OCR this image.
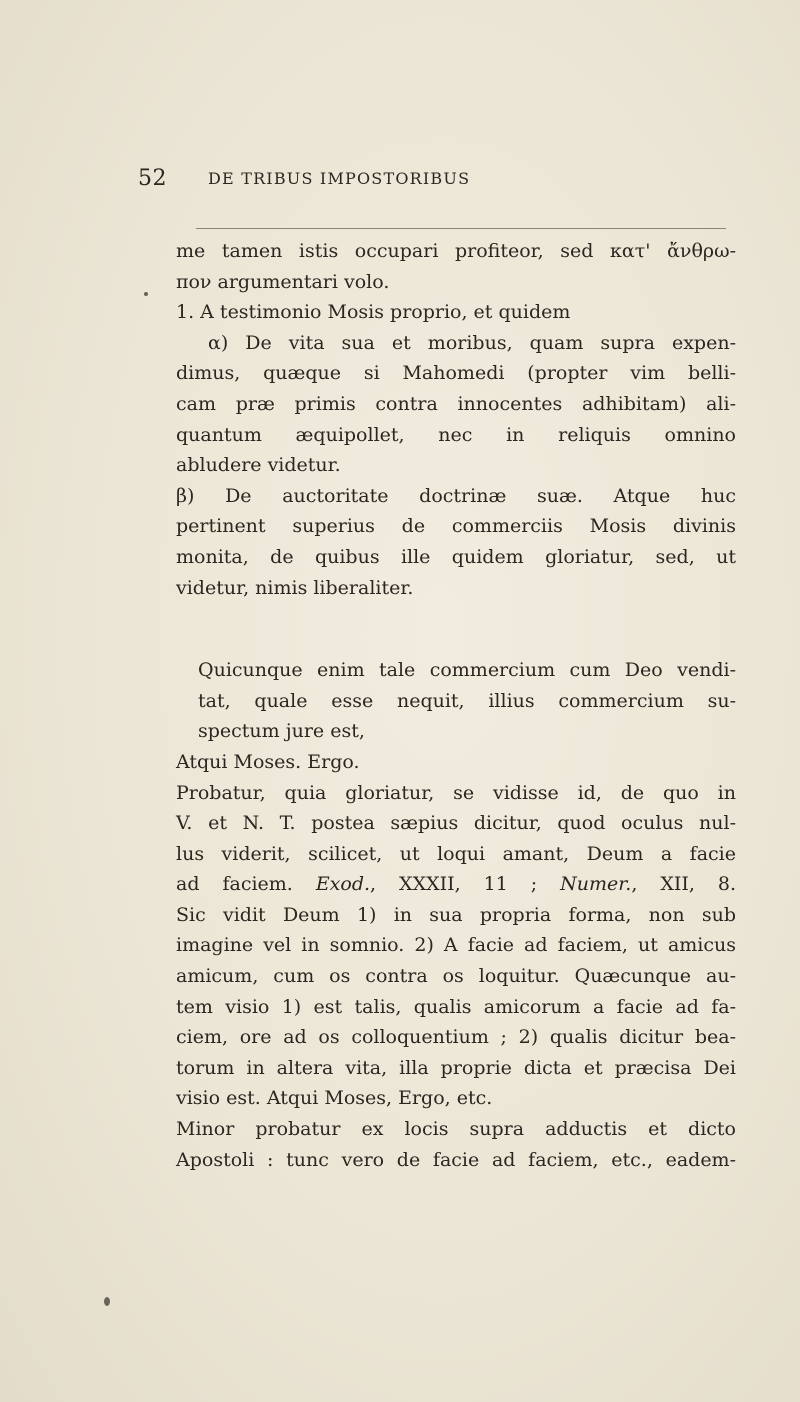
52	DE TRIBUS IMPOSTORIBUS
me tamen istis occupari profiteor, sed κατ' ἄνθρω-
πον argumentari volo.
1. A testimonio Mosis proprio, et quidem
α) De vita sua et moribus, quam supra expen-
dimus, quæque si Mahomedi (propter vim belli-
cam præ primis contra innocentes adhibitam) ali-
quantum æquipollet, nec in reliquis omnino
abludere videtur.
β) De auctoritate doctrinæ suæ. Atque huc
pertinent superius de commerciis Mosis divinis
monita, de quibus ille quidem gloriatur, sed, ut
videtur, nimis liberaliter.
Quicunque enim tale commercium cum Deo vendi-
tat, quale esse nequit, illius commercium su-
spectum jure est,
Atqui Moses. Ergo.
Probatur, quia gloriatur, se vidisse id, de quo in
V. et N. T. postea sæpius dicitur, quod oculus nul-
lus viderit, scilicet, ut loqui amant, Deum a facie
ad faciem. Exod., XXXII, 11 ; Numer., XII, 8.
Sic vidit Deum 1) in sua propria forma, non sub
imagine vel in somnio. 2) A facie ad faciem, ut amicus
amicum, cum os contra os loquitur. Quæcunque au-
tem visio 1) est talis, qualis amicorum a facie ad fa-
ciem, ore ad os colloquentium ; 2) qualis dicitur bea-
torum in altera vita, illa proprie dicta et præcisa Dei
visio est. Atqui Moses, Ergo, etc.
Minor probatur ex locis supra adductis et dicto
Apostoli : tunc vero de facie ad faciem, etc., eadem-
